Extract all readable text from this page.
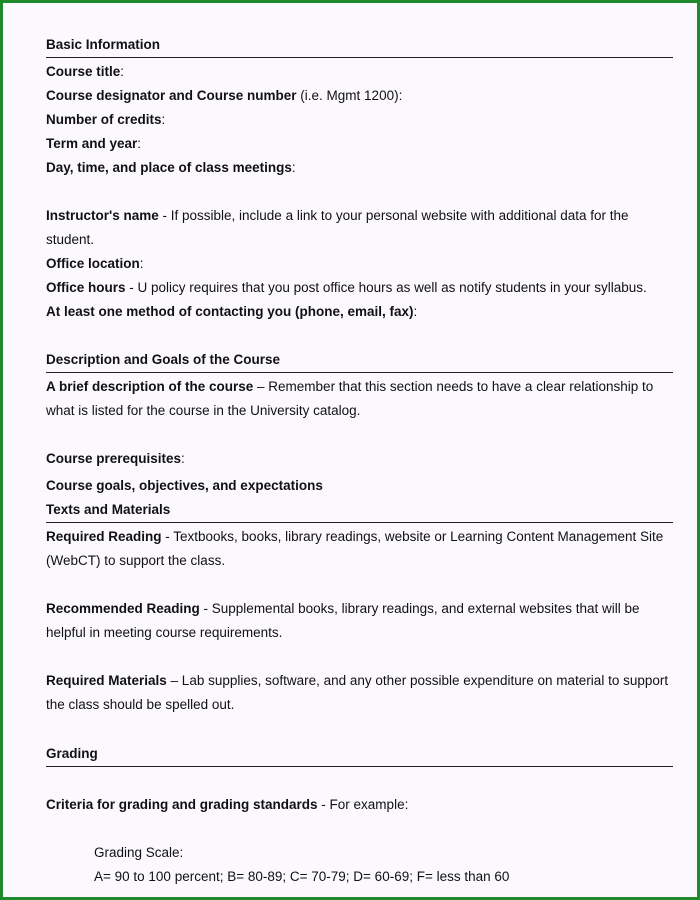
Basic Information

Course title:

Course designator and Course number (i.e. Mgmt 1200):

Number of credits:

Term and year:

Day, time, and place of class meetings:

Instructor's name - If possible, include a link to your personal website with additional data for the student.

Office location:

Office hours - U policy requires that you post office hours as well as notify students in your syllabus.

At least one method of contacting you (phone, email, fax):

Description and Goals of the Course

A brief description of the course – Remember that this section needs to have a clear relationship to what is listed for the course in the University catalog.

Course prerequisites:

Course goals, objectives, and expectations

Texts and Materials

Required Reading - Textbooks, books, library readings, website or Learning Content Management Site (WebCT) to support the class.

Recommended Reading - Supplemental books, library readings, and external websites that will be helpful in meeting course requirements.

Required Materials – Lab supplies, software, and any other possible expenditure on material to support the class should be spelled out.

Grading

Criteria for grading and grading standards - For example:

Grading Scale:

A= 90 to 100 percent; B= 80-89; C= 70-79; D= 60-69; F= less than 60
